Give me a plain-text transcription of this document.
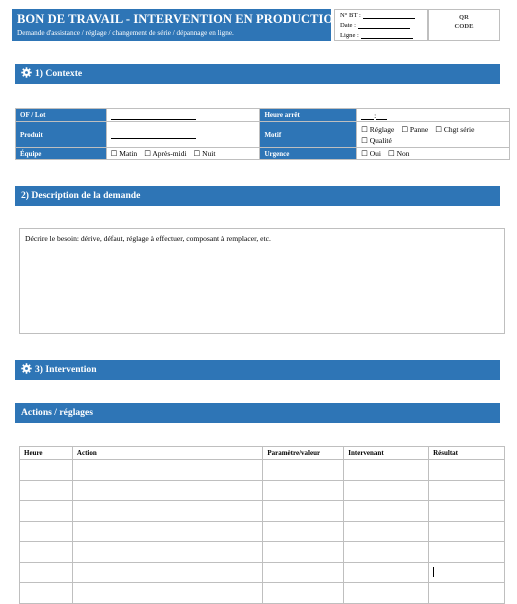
BON DE TRAVAIL - INTERVENTION EN PRODUCTION
Demande d'assistance / réglage / changement de série / dépannage en ligne.
N° BT :
Date :
Ligne :
QR
CODE
1) Contexte
OF / Lot		Heure arrêt	:
Produit		Motif	☐ Réglage ☐ Panne ☐ Chgt série
☐ Qualité
Équipe	☐ Matin ☐ Après-midi ☐ Nuit	Urgence	☐ Oui ☐ Non
2) Description de la demande
Décrire le besoin: dérive, défaut, réglage à effectuer, composant à remplacer, etc.
3) Intervention
Actions / réglages
Heure	Action	Paramètre/valeur	Intervenant	Résultat
